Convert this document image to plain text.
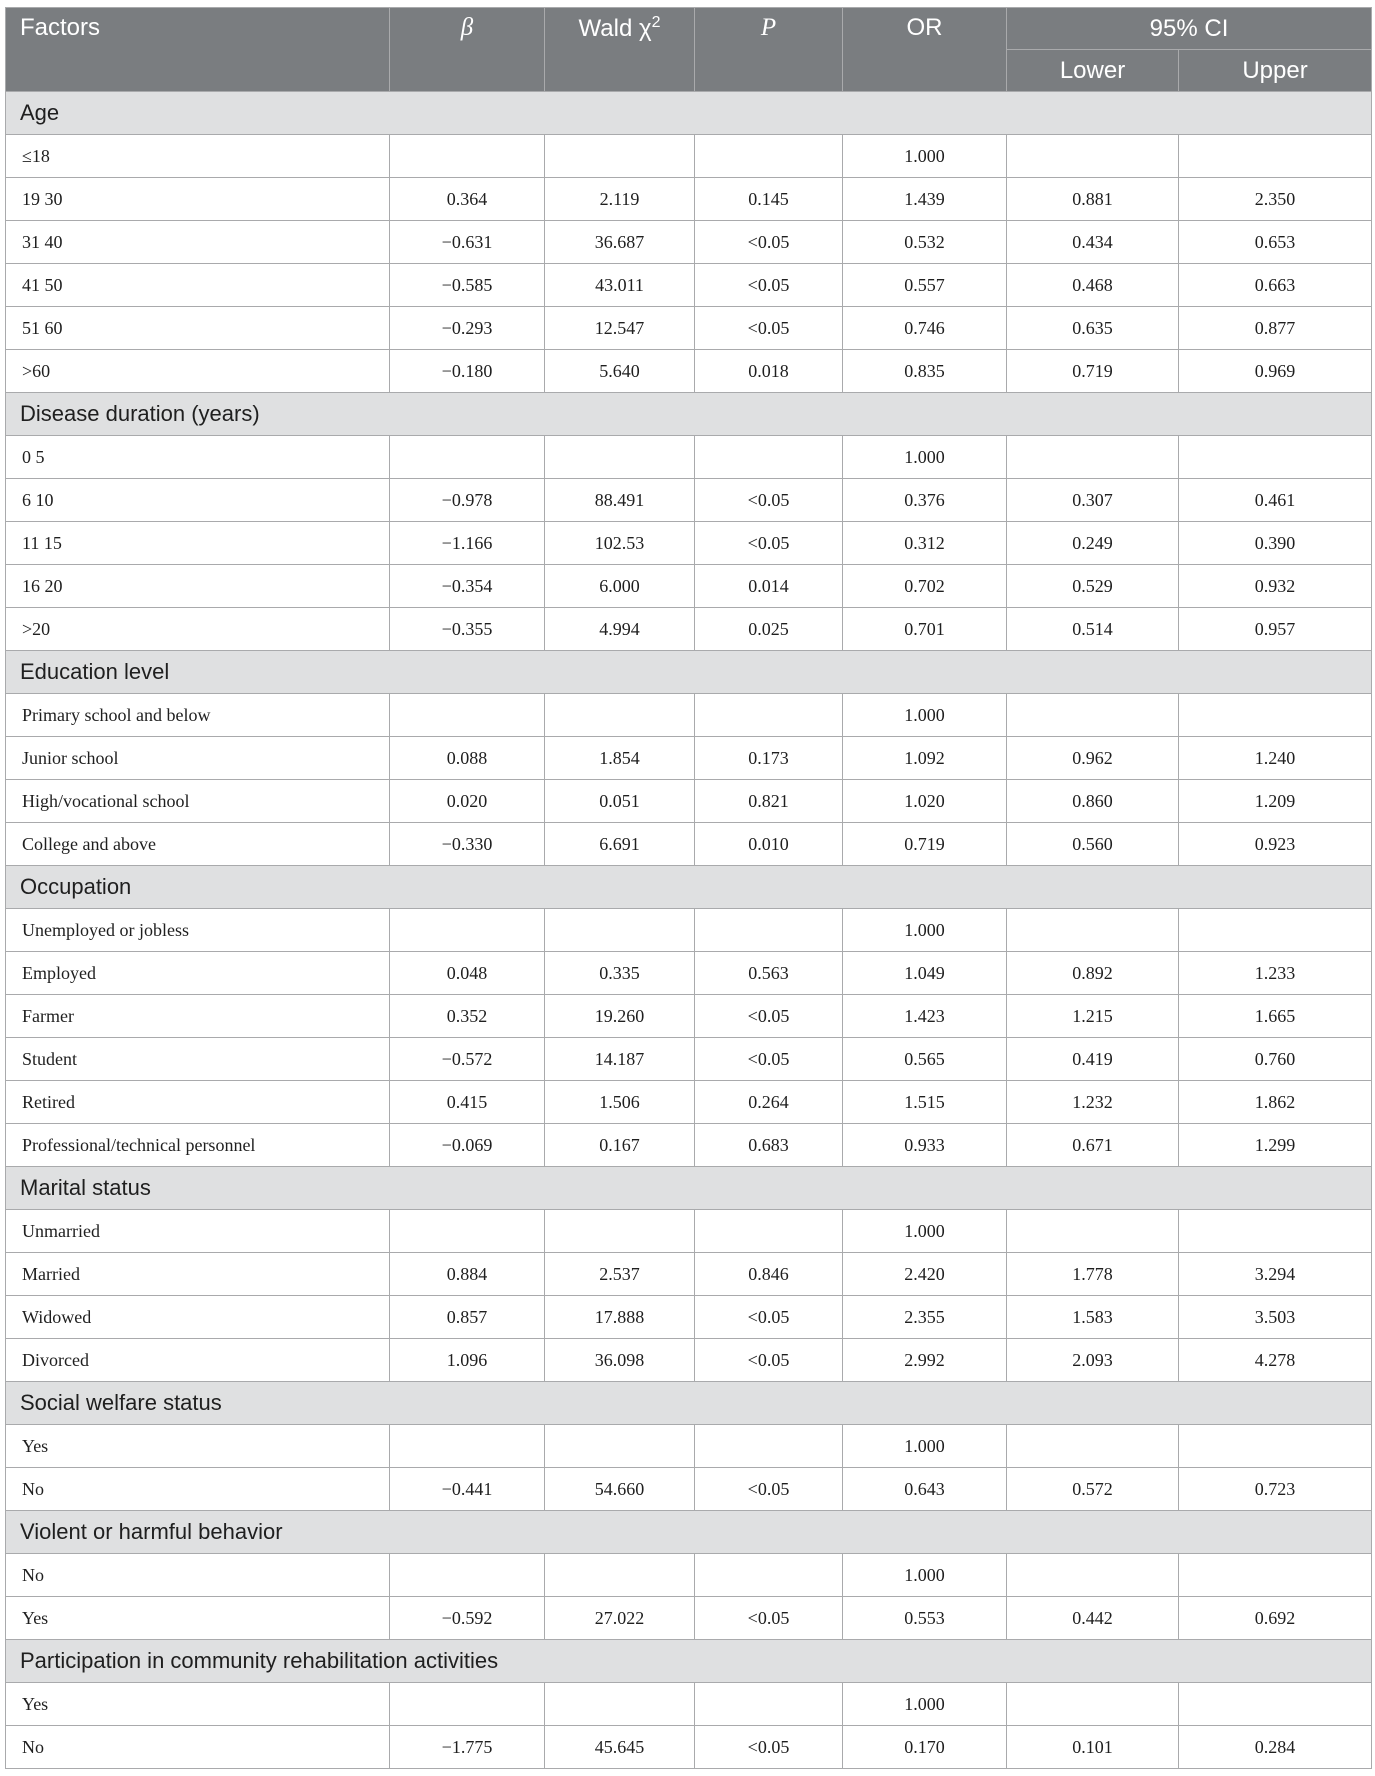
Factors	β	Wald $\chi^2$	P	OR	95% CI	
					Lower	Upper
Age						
≤18				1.000		
19 30	0.364	2.119	0.145	1.439	0.881	2.350
31 40	−0.631	36.687	<0.05	0.532	0.434	0.653
41 50	−0.585	43.011	<0.05	0.557	0.468	0.663
51 60	−0.293	12.547	<0.05	0.746	0.635	0.877
>60	−0.180	5.640	0.018	0.835	0.719	0.969
Disease duration (years)						
0 5				1.000		
6 10	−0.978	88.491	<0.05	0.376	0.307	0.461
11 15	−1.166	102.53	<0.05	0.312	0.249	0.390
16 20	−0.354	6.000	0.014	0.702	0.529	0.932
>20	−0.355	4.994	0.025	0.701	0.514	0.957
Education level						
Primary school and below				1.000		
Junior school	0.088	1.854	0.173	1.092	0.962	1.240
High/vocational school	0.020	0.051	0.821	1.020	0.860	1.209
College and above	−0.330	6.691	0.010	0.719	0.560	0.923
Occupation						
Unemployed or jobless				1.000		
Employed	0.048	0.335	0.563	1.049	0.892	1.233
Farmer	0.352	19.260	<0.05	1.423	1.215	1.665
Student	−0.572	14.187	<0.05	0.565	0.419	0.760
Retired	0.415	1.506	0.264	1.515	1.232	1.862
Professional/technical personnel	−0.069	0.167	0.683	0.933	0.671	1.299
Marital status						
Unmarried				1.000		
Married	0.884	2.537	0.846	2.420	1.778	3.294
Widowed	0.857	17.888	<0.05	2.355	1.583	3.503
Divorced	1.096	36.098	<0.05	2.992	2.093	4.278
Social welfare status						
Yes				1.000		
No	−0.441	54.660	<0.05	0.643	0.572	0.723
Violent or harmful behavior						
No				1.000		
Yes	−0.592	27.022	<0.05	0.553	0.442	0.692
Participation in community rehabilitation activities						
Yes				1.000		
No	−1.775	45.645	<0.05	0.170	0.101	0.284
